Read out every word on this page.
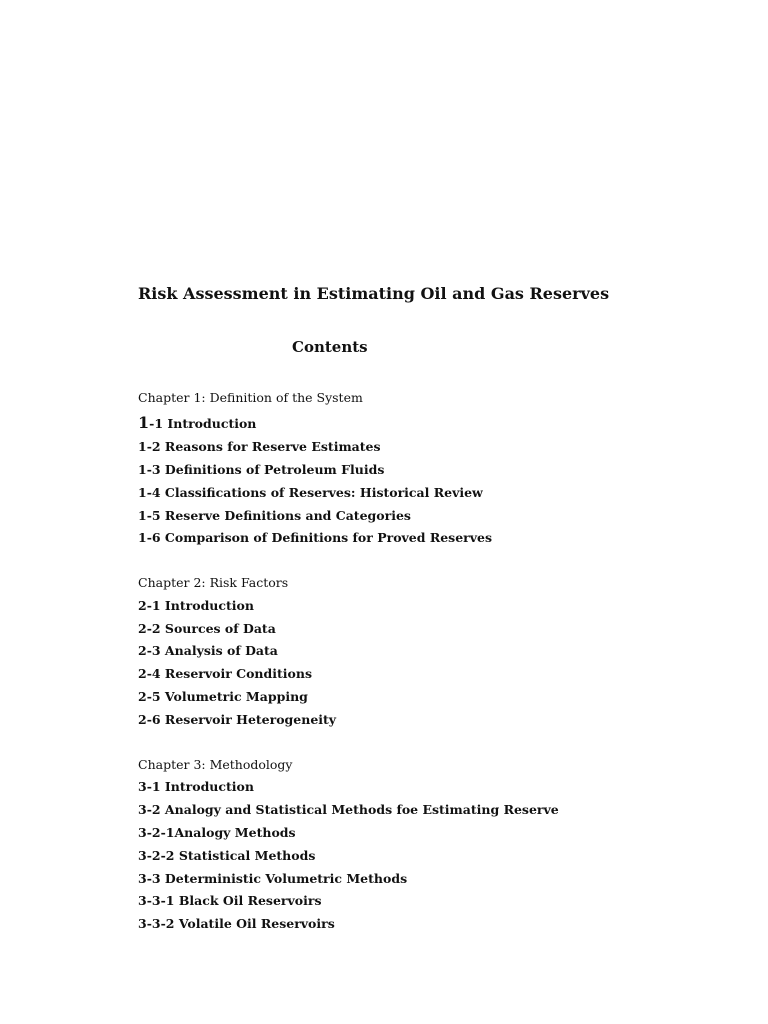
Risk Assessment in Estimating Oil and Gas Reserves
Contents

Chapter 1: Definition of the System

1-1 Introduction

1-2 Reasons for Reserve Estimates

1-3 Definitions of Petroleum Fluids

1-4 Classifications of Reserves: Historical Review

1-5 Reserve Definitions and Categories

1-6 Comparison of Definitions for Proved Reserves

Chapter 2: Risk Factors

2-1 Introduction

2-2 Sources of Data

2-3 Analysis of Data

2-4 Reservoir Conditions

2-5 Volumetric Mapping

2-6 Reservoir Heterogeneity

Chapter 3: Methodology

3-1 Introduction

3-2 Analogy and Statistical Methods foe Estimating Reserve

3-2-1Analogy Methods

3-2-2 Statistical Methods

3-3 Deterministic Volumetric Methods

3-3-1 Black Oil Reservoirs

3-3-2 Volatile Oil Reservoirs
